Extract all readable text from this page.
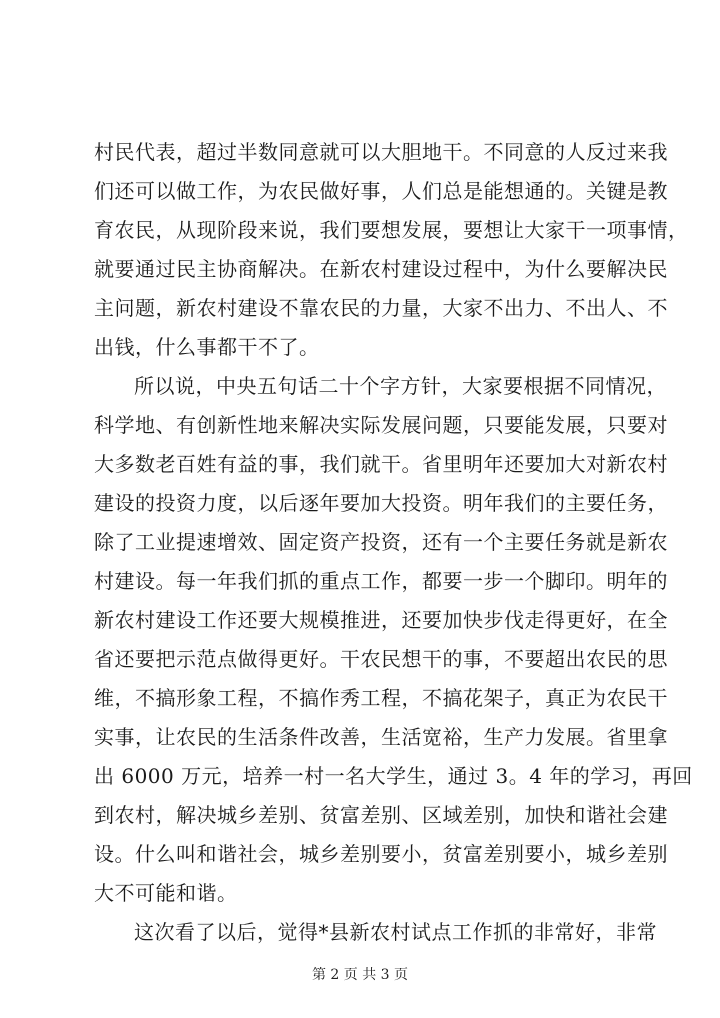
村民代表，超过半数同意就可以大胆地干。不同意的人反过来我
们还可以做工作，为农民做好事，人们总是能想通的。关键是教
育农民，从现阶段来说，我们要想发展，要想让大家干一项事情，
就要通过民主协商解决。在新农村建设过程中，为什么要解决民
主问题，新农村建设不靠农民的力量，大家不出力、不出人、不
出钱，什么事都干不了。
所以说，中央五句话二十个字方针，大家要根据不同情况，
科学地、有创新性地来解决实际发展问题，只要能发展，只要对
大多数老百姓有益的事，我们就干。省里明年还要加大对新农村
建设的投资力度，以后逐年要加大投资。明年我们的主要任务，
除了工业提速增效、固定资产投资，还有一个主要任务就是新农
村建设。每一年我们抓的重点工作，都要一步一个脚印。明年的
新农村建设工作还要大规模推进，还要加快步伐走得更好，在全
省还要把示范点做得更好。干农民想干的事，不要超出农民的思
维，不搞形象工程，不搞作秀工程，不搞花架子，真正为农民干
实事，让农民的生活条件改善，生活宽裕，生产力发展。省里拿
出 6000 万元，培养一村一名大学生，通过 3。4 年的学习，再回
到农村，解决城乡差别、贫富差别、区域差别，加快和谐社会建
设。什么叫和谐社会，城乡差别要小，贫富差别要小，城乡差别
大不可能和谐。
这次看了以后，觉得*县新农村试点工作抓的非常好，非常
第 2 页 共 3 页
